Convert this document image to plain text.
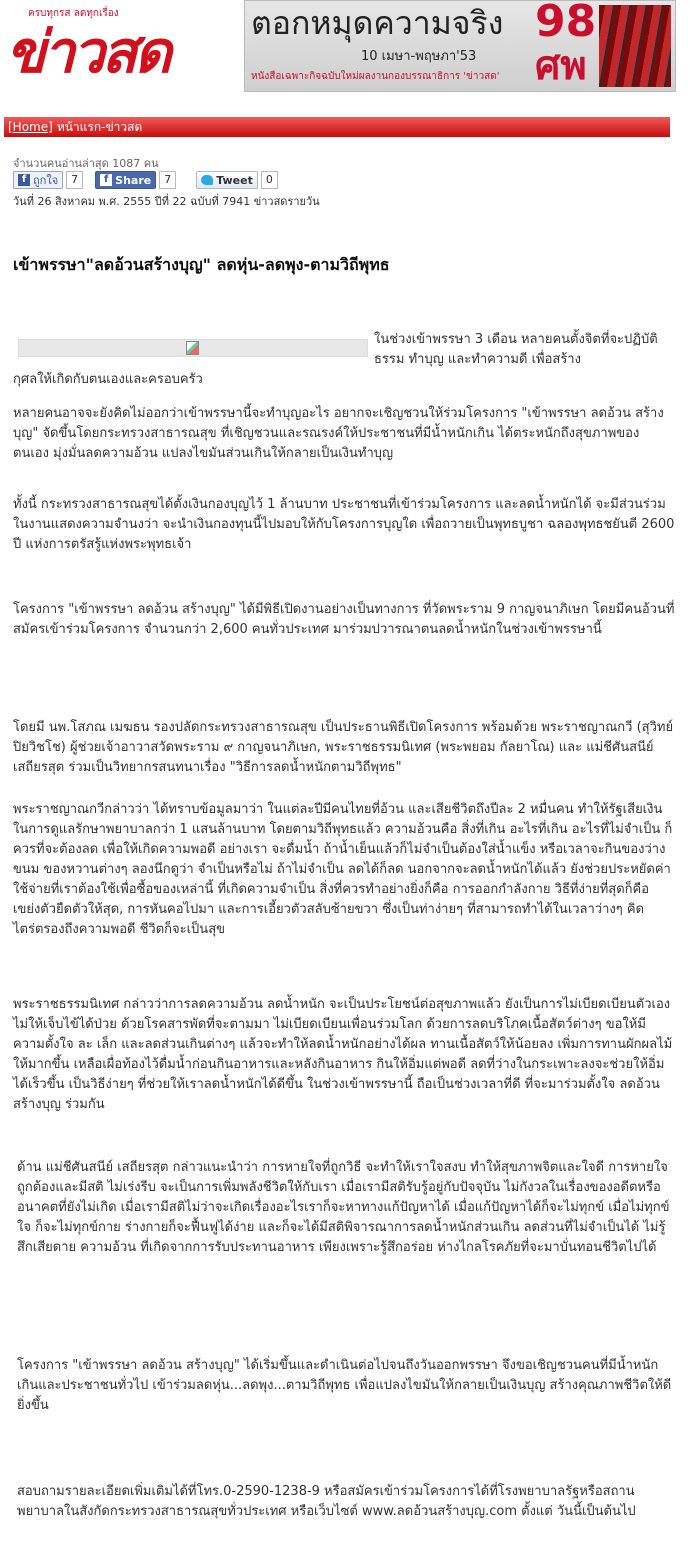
ครบทุกรส ลดทุกเรื่อง
ข่าวสด	ตอกหมุดความจริง
10 เมษา-พฤษภา'53
หนังสือเฉพาะกิจฉบับใหม่ผลงานกองบรรณาธิการ 'ข่าวสด'
98
ศพ
[Home] หน้าแรก-ข่าวสด
จำนวนคนอ่านล่าสุด 1087 คน
f ถูกใจ	7	f Share	7	Tweet	0
วันที่ 26 สิงหาคม พ.ศ. 2555 ปีที่ 22 ฉบับที่ 7941 ข่าวสดรายวัน
เข้าพรรษา"ลดอ้วนสร้างบุญ" ลดหุ่น-ลดพุง-ตามวิถีพุทธ

ในช่วงเข้าพรรษา 3 เดือน หลายคนตั้งจิตที่จะปฏิบัติธรรม ทำบุญ และทำความดี เพื่อสร้าง

กุศลให้เกิดกับตนเองและครอบครัว

หลายคนอาจจะยังคิดไม่ออกว่าเข้าพรรษานี้จะทำบุญอะไร อยากจะเชิญชวนให้ร่วมโครงการ "เข้าพรรษา ลดอ้วน สร้างบุญ" จัดขึ้นโดยกระทรวงสาธารณสุข ที่เชิญชวนและรณรงค์ให้ประชาชนที่มีน้ำหนักเกิน ได้ตระหนักถึงสุขภาพของตนเอง มุ่งมั่นลดความอ้วน แปลงไขมันส่วนเกินให้กลายเป็นเงินทำบุญ

ทั้งนี้ กระทรวงสาธารณสุขได้ตั้งเงินกองบุญไว้ 1 ล้านบาท ประชาชนที่เข้าร่วมโครงการ และลดน้ำหนักได้ จะมีส่วนร่วมในงานแสดงความจำนงว่า จะนำเงินกองทุนนี้ไปมอบให้กับโครงการบุญใด เพื่อถวายเป็นพุทธบูชา ฉลองพุทธชยันตี 2600 ปี แห่งการตรัสรู้แห่งพระพุทธเจ้า

โครงการ "เข้าพรรษา ลดอ้วน สร้างบุญ" ได้มีพิธีเปิดงานอย่างเป็นทางการ ที่วัดพระราม 9 กาญจนาภิเษก โดยมีคนอ้วนที่สมัครเข้าร่วมโครงการ จำนวนกว่า 2,600 คนทั่วประเทศ มาร่วมปวารณาตนลดน้ำหนักในช่วงเข้าพรรษานี้

โดยมี นพ.โสภณ เมฆธน รองปลัดกระทรวงสาธารณสุข เป็นประธานพิธีเปิดโครงการ พร้อมด้วย พระราชญาณกวี (สุวิทย์ ปิยวิชโช) ผู้ช่วยเจ้าอาวาสวัดพระราม ๙ กาญจนาภิเษก, พระราชธรรมนิเทศ (พระพยอม กัลยาโณ) และ แม่ชีศันสนีย์ เสถียรสุต ร่วมเป็นวิทยากรสนทนาเรื่อง "วิธีการลดน้ำหนักตามวิถีพุทธ"

พระราชญาณกวีกล่าวว่า ได้ทราบข้อมูลมาว่า ในแต่ละปีมีคนไทยที่อ้วน และเสียชีวิตถึงปีละ 2 หมื่นคน ทำให้รัฐเสียเงินในการดูแลรักษาพยาบาลกว่า 1 แสนล้านบาท โดยตามวิถีพุทธแล้ว ความอ้วนคือ สิ่งที่เกิน อะไรที่เกิน อะไรที่ไม่จำเป็น ก็ควรที่จะต้องลด เพื่อให้เกิดความพอดี อย่างเรา จะดื่มน้ำ ถ้าน้ำเย็นแล้วก็ไม่จำเป็นต้องใส่น้ำแข็ง หรือเวลาจะกินของว่าง ขนม ของหวานต่างๆ ลองนึกดูว่า จำเป็นหรือไม่ ถ้าไม่จำเป็น ลดได้ก็ลด นอกจากจะลดน้ำหนักได้แล้ว ยังช่วยประหยัดค่าใช้จ่ายที่เราต้องใช้เพื่อซื้อของเหล่านี้ ที่เกิดความจำเป็น สิ่งที่ควรทำอย่างยิ่งก็คือ การออกกำลังกาย วิธีที่ง่ายที่สุดก็คือ เขย่งตัวยืดตัวให้สุด, การหันคอไปมา และการเอี้ยวตัวสลับซ้ายขวา ซึ่งเป็นท่าง่ายๆ ที่สามารถทำได้ในเวลาว่างๆ คิดไตร่ตรองถึงความพอดี ชีวิตก็จะเป็นสุข

พระราชธรรมนิเทศ กล่าวว่าการลดความอ้วน ลดน้ำหนัก จะเป็นประโยชน์ต่อสุขภาพแล้ว ยังเป็นการไม่เบียดเบียนตัวเอง ไม่ให้เจ็บไข้ได้ป่วย ด้วยโรคสารพัดที่จะตามมา ไม่เบียดเบียนเพื่อนร่วมโลก ด้วยการลดบริโภคเนื้อสัตว์ต่างๆ ขอให้มีความตั้งใจ ละ เล็ก และลดส่วนเกินต่างๆ แล้วจะทำให้ลดน้ำหนักอย่างได้ผล ทานเนื้อสัตว์ให้น้อยลง เพิ่มการทานผักผลไม้ให้มากขึ้น เหลือเผื่อท้องไว้ดื่มน้ำก่อนกินอาหารและหลังกินอาหาร กินให้อิ่มแต่พอดี ลดที่ว่างในกระเพาะลงจะช่วยให้อิ่มได้เร็วขึ้น เป็นวิธีง่ายๆ ที่ช่วยให้เราลดน้ำหนักได้ดีขึ้น ในช่วงเข้าพรรษานี้ ถือเป็นช่วงเวลาที่ดี ที่จะมาร่วมตั้งใจ ลดอ้วน สร้างบุญ ร่วมกัน

ด้าน แม่ชีศันสนีย์ เสถียรสุต กล่าวแนะนำว่า การหายใจที่ถูกวิธี จะทำให้เราใจสงบ ทำให้สุขภาพจิตและใจดี การหายใจถูกต้องและมีสติ ไม่เร่งรีบ จะเป็นการเพิ่มพลังชีวิตให้กับเรา เมื่อเรามีสติรับรู้อยู่กับปัจจุบัน ไม่กังวลในเรื่องของอดีตหรืออนาคตที่ยังไม่เกิด เมื่อเรามีสติไม่ว่าจะเกิดเรื่องอะไรเราก็จะหาทางแก้ปัญหาได้ เมื่อแก้ปัญหาได้ก็จะไม่ทุกข์ เมื่อไม่ทุกข์ใจ ก็จะไม่ทุกข์กาย ร่างกายก็จะฟื้นฟูได้ง่าย และก็จะได้มีสติพิจารณาการลดน้ำหนักส่วนเกิน ลดส่วนที่ไม่จำเป็นได้ ไม่รู้สึกเสียดาย ความอ้วน ที่เกิดจากการรับประทานอาหาร เพียงเพราะรู้สึกอร่อย ห่างไกลโรคภัยที่จะมาบั่นทอนชีวิตไปได้

โครงการ "เข้าพรรษา ลดอ้วน สร้างบุญ" ได้เริ่มขึ้นและดำเนินต่อไปจนถึงวันออกพรรษา จึงขอเชิญชวนคนที่มีน้ำหนักเกินและประชาชนทั่วไป เข้าร่วมลดหุ่น...ลดพุง...ตามวิถีพุทธ เพื่อแปลงไขมันให้กลายเป็นเงินบุญ สร้างคุณภาพชีวิตให้ดียิ่งขึ้น

สอบถามรายละเอียดเพิ่มเติมได้ที่โทร.0-2590-1238-9 หรือสมัครเข้าร่วมโครงการได้ที่โรงพยาบาลรัฐหรือสถานพยาบาลในสังกัดกระทรวงสาธารณสุขทั่วประเทศ หรือเว็บไซต์ www.ลดอ้วนสร้างบุญ.com ตั้งแต่ วันนี้เป็นต้นไป
